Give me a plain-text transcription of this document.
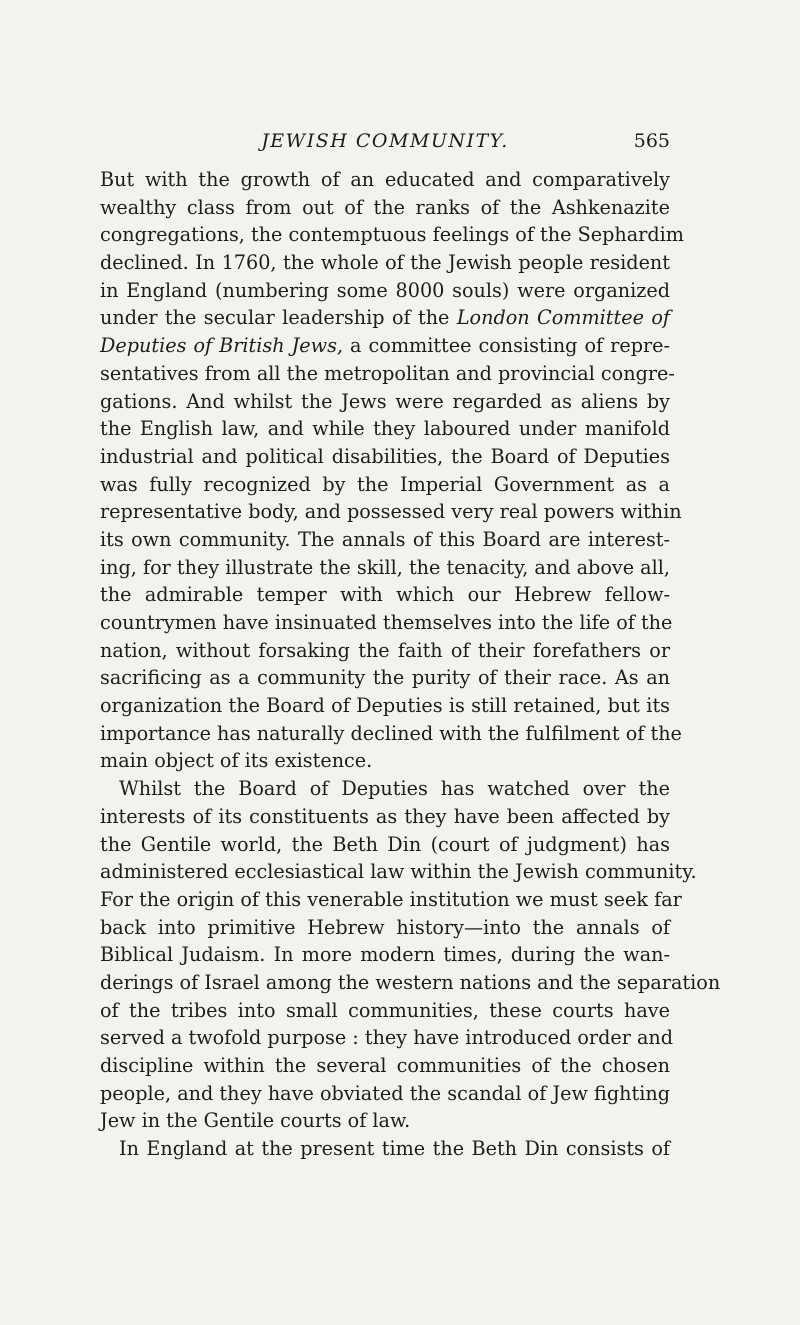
JEWISH COMMUNITY.	565
But with the growth of an educated and comparatively
wealthy class from out of the ranks of the Ashkenazite
congregations, the contemptuous feelings of the Sephardim
declined. In 1760, the whole of the Jewish people resident
in England (numbering some 8000 souls) were organized
under the secular leadership of the London Committee of
Deputies of British Jews, a committee consisting of repre-
sentatives from all the metropolitan and provincial congre-
gations. And whilst the Jews were regarded as aliens by
the English law, and while they laboured under manifold
industrial and political disabilities, the Board of Deputies
was fully recognized by the Imperial Government as a
representative body, and possessed very real powers within
its own community. The annals of this Board are interest-
ing, for they illustrate the skill, the tenacity, and above all,
the admirable temper with which our Hebrew fellow-
countrymen have insinuated themselves into the life of the
nation, without forsaking the faith of their forefathers or
sacrificing as a community the purity of their race. As an
organization the Board of Deputies is still retained, but its
importance has naturally declined with the fulfilment of the
main object of its existence.
Whilst the Board of Deputies has watched over the
interests of its constituents as they have been affected by
the Gentile world, the Beth Din (court of judgment) has
administered ecclesiastical law within the Jewish community.
For the origin of this venerable institution we must seek far
back into primitive Hebrew history—into the annals of
Biblical Judaism. In more modern times, during the wan-
derings of Israel among the western nations and the separation
of the tribes into small communities, these courts have
served a twofold purpose : they have introduced order and
discipline within the several communities of the chosen
people, and they have obviated the scandal of Jew fighting
Jew in the Gentile courts of law.
In England at the present time the Beth Din consists of
